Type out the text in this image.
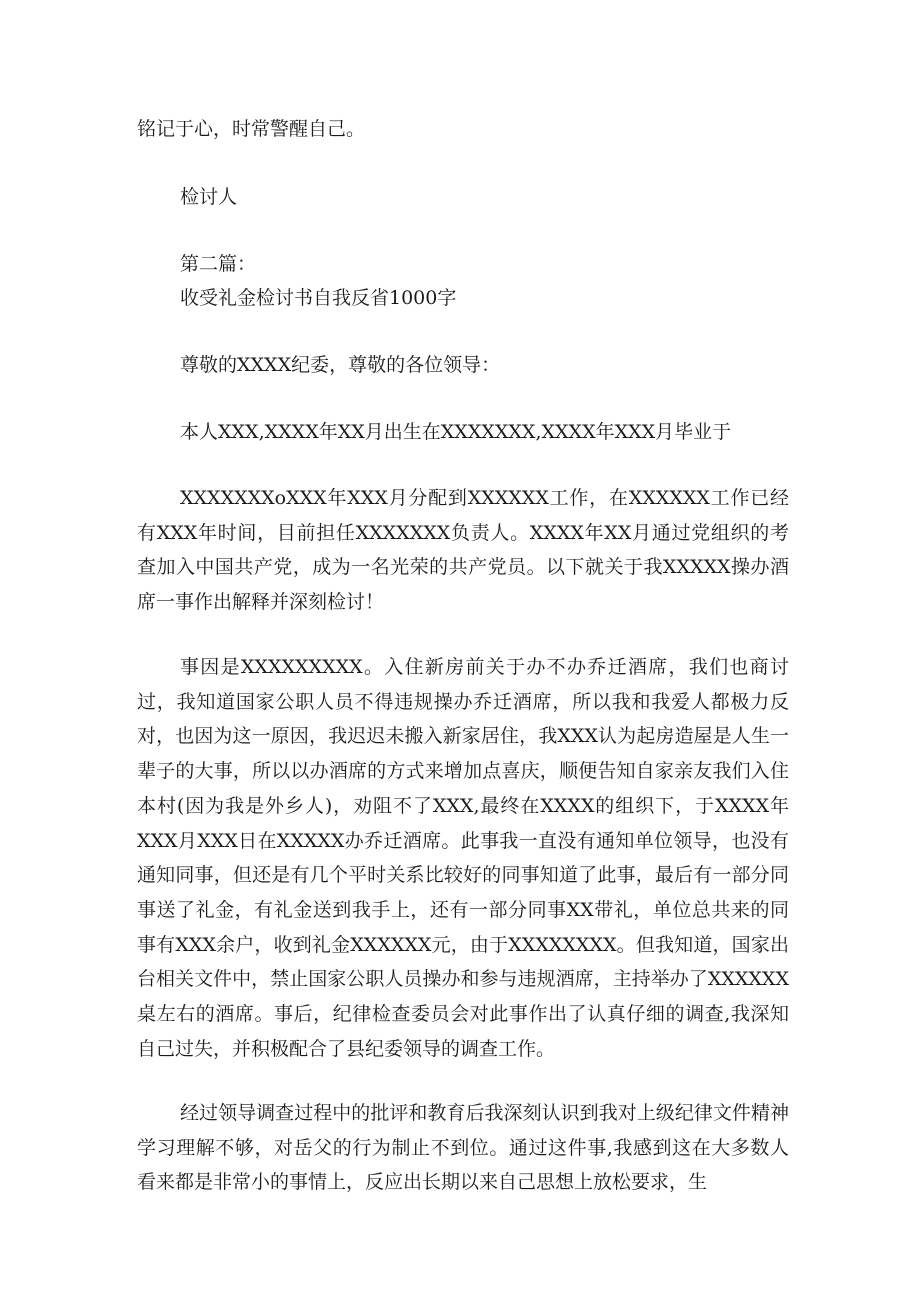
铭记于心，时常警醒自己。

检讨人

第二篇：

收受礼金检讨书自我反省1000字

尊敬的XXXX纪委，尊敬的各位领导：

本人XXX,XXXX年XX月出生在XXXXXXX,XXXX年XXX月毕业于

XXXXXXXoXXX年XXX月分配到XXXXXX工作，在XXXXXX工作已经有XXX年时间，目前担任XXXXXXX负责人。XXXX年XX月通过党组织的考查加入中国共产党，成为一名光荣的共产党员。以下就关于我XXXXX操办酒席一事作出解释并深刻检讨！

事因是XXXXXXXXX。入住新房前关于办不办乔迁酒席，我们也商讨过，我知道国家公职人员不得违规操办乔迁酒席，所以我和我爱人都极力反对，也因为这一原因，我迟迟未搬入新家居住，我XXX认为起房造屋是人生一辈子的大事，所以以办酒席的方式来增加点喜庆，顺便告知自家亲友我们入住本村(因为我是外乡人)，劝阻不了XXX,最终在XXXX的组织下，于XXXX年XXX月XXX日在XXXXX办乔迁酒席。此事我一直没有通知单位领导，也没有通知同事，但还是有几个平时关系比较好的同事知道了此事，最后有一部分同事送了礼金，有礼金送到我手上，还有一部分同事XX带礼，单位总共来的同事有XXX余户，收到礼金XXXXXX元，由于XXXXXXXX。但我知道，国家出台相关文件中，禁止国家公职人员操办和参与违规酒席，主持举办了XXXXXX桌左右的酒席。事后，纪律检查委员会对此事作出了认真仔细的调查,我深知自己过失，并积极配合了县纪委领导的调查工作。

经过领导调查过程中的批评和教育后我深刻认识到我对上级纪律文件精神学习理解不够，对岳父的行为制止不到位。通过这件事,我感到这在大多数人看来都是非常小的事情上，反应出长期以来自己思想上放松要求，生
